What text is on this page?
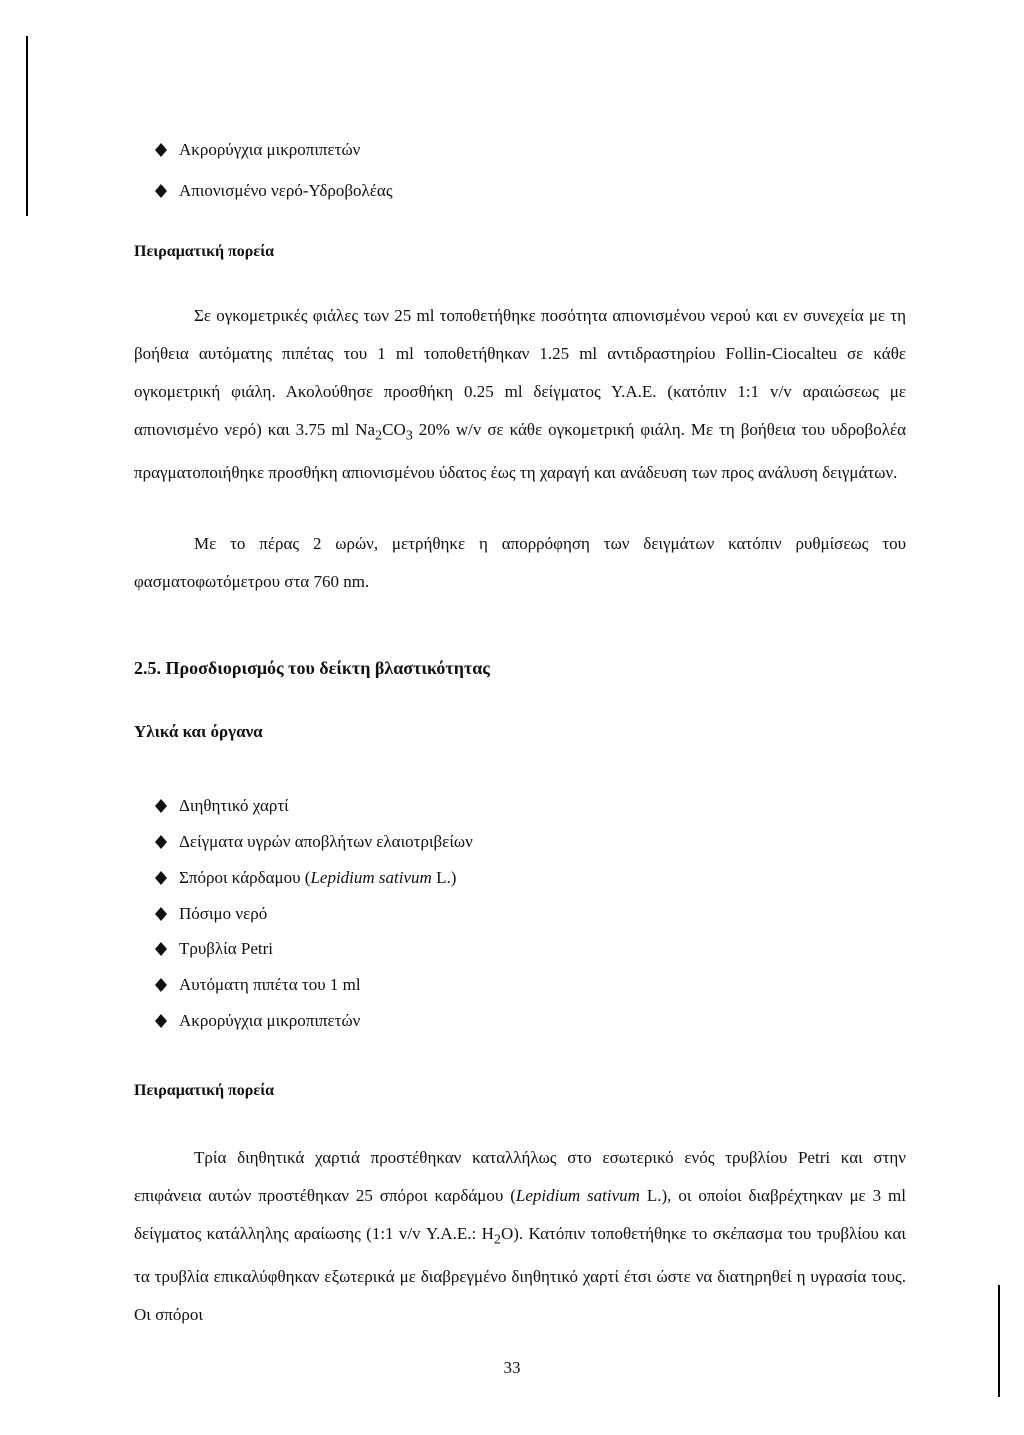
Ακρορύγχια μικροπιπετών
Απιονισμένο νερό-Υδροβολέας
Πειραματική πορεία
Σε ογκομετρικές φιάλες των 25 ml τοποθετήθηκε ποσότητα απιονισμένου νερού και εν συνεχεία με τη βοήθεια αυτόματης πιπέτας του 1 ml τοποθετήθηκαν 1.25 ml αντιδραστηρίου Follin-Ciocalteu σε κάθε ογκομετρική φιάλη. Ακολούθησε προσθήκη 0.25 ml δείγματος Υ.Α.Ε. (κατόπιν 1:1 v/v αραιώσεως με απιονισμένο νερό) και 3.75 ml $Na_2CO_3$ 20% w/v σε κάθε ογκομετρική φιάλη. Με τη βοήθεια του υδροβολέα πραγματοποιήθηκε προσθήκη απιονισμένου ύδατος έως τη χαραγή και ανάδευση των προς ανάλυση δειγμάτων.
Με το πέρας 2 ωρών, μετρήθηκε η απορρόφηση των δειγμάτων κατόπιν ρυθμίσεως του φασματοφωτόμετρου στα 760 nm.
2.5. Προσδιορισμός του δείκτη βλαστικότητας
Υλικά και όργανα
Διηθητικό χαρτί
Δείγματα υγρών αποβλήτων ελαιοτριβείων
Σπόροι κάρδαμου (Lepidium sativum L.)
Πόσιμο νερό
Τρυβλία Petri
Αυτόματη πιπέτα του 1 ml
Ακρορύγχια μικροπιπετών
Πειραματική πορεία
Τρία διηθητικά χαρτιά προστέθηκαν καταλλήλως στο εσωτερικό ενός τρυβλίου Petri και στην επιφάνεια αυτών προστέθηκαν 25 σπόροι καρδάμου (Lepidium sativum L.), οι οποίοι διαβρέχτηκαν με 3 ml δείγματος κατάλληλης αραίωσης (1:1 v/v Υ.Α.Ε.: $H_2O$). Κατόπιν τοποθετήθηκε το σκέπασμα του τρυβλίου και τα τρυβλία επικαλύφθηκαν εξωτερικά με διαβρεγμένο διηθητικό χαρτί έτσι ώστε να διατηρηθεί η υγρασία τους. Οι σπόροι
33
